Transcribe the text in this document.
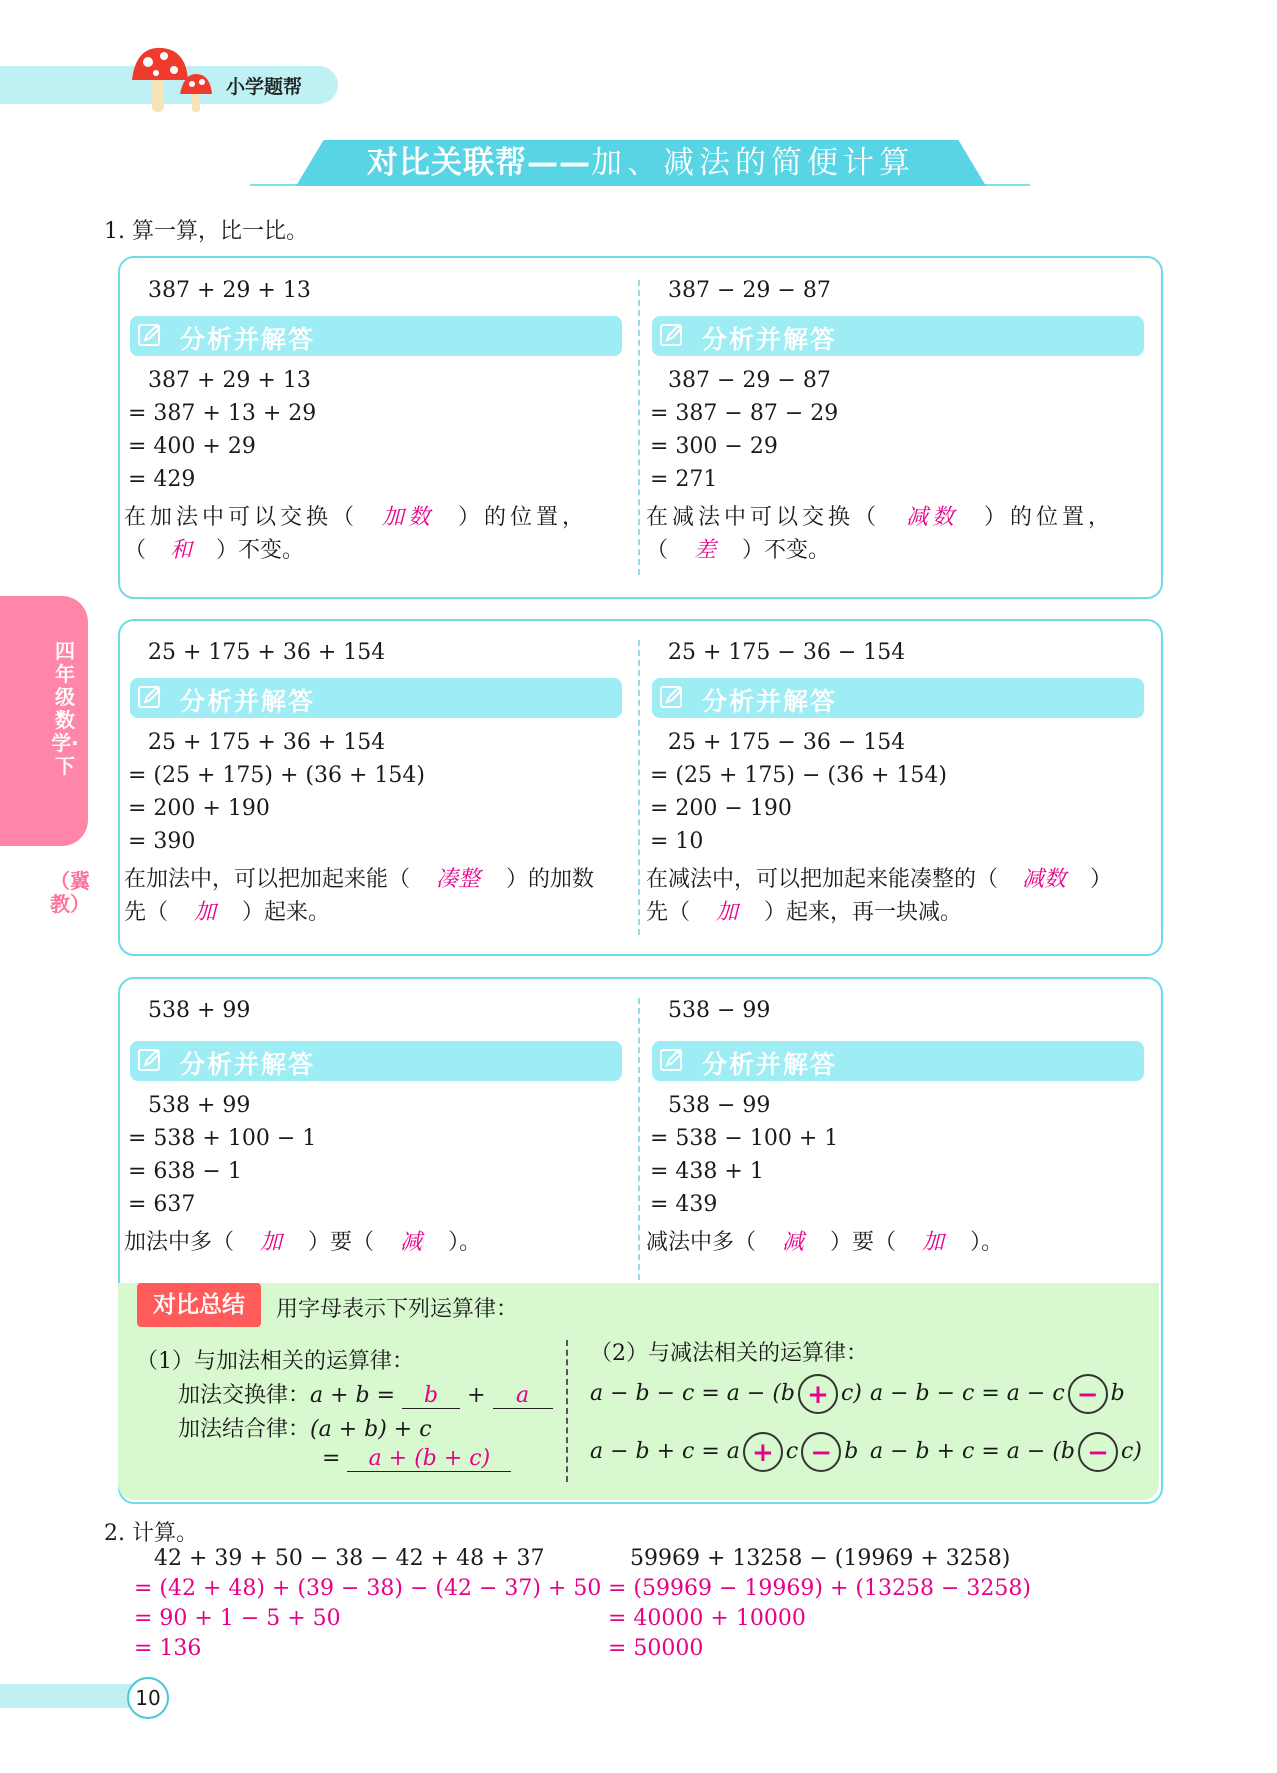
小学题帮
对比关联帮——加、减法的简便计算
四年级数学·下
（冀教）
1. 算一算，比一比。
387 + 29 + 13
分析并解答
387 + 29 + 13
= 387 + 13 + 29
= 400 + 29
= 429
在加法中可以交换（ 加数 ）的位置，
（ 和 ）不变。
387 − 29 − 87
分析并解答
387 − 29 − 87
= 387 − 87 − 29
= 300 − 29
= 271
在减法中可以交换（ 减数 ）的位置，
（ 差 ）不变。
25 + 175 + 36 + 154
分析并解答
25 + 175 + 36 + 154
= (25 + 175) + (36 + 154)
= 200 + 190
= 390
在加法中，可以把加起来能（ 凑整 ）的加数
先（ 加 ）起来。
25 + 175 − 36 − 154
分析并解答
25 + 175 − 36 − 154
= (25 + 175) − (36 + 154)
= 200 − 190
= 10
在减法中，可以把加起来能凑整的（ 减数 ）
先（ 加 ）起来，再一块减。
538 + 99
分析并解答
538 + 99
= 538 + 100 − 1
= 638 − 1
= 637
加法中多（ 加 ）要（ 减 ）。
538 − 99
分析并解答
538 − 99
= 538 − 100 + 1
= 438 + 1
= 439
减法中多（ 减 ）要（ 加 ）。
对比总结	用字母表示下列运算律：
（1）与加法相关的运算律：
加法交换律：a + b = b + a
加法结合律：(a + b) + c
= a + (b + c)
（2）与减法相关的运算律：
a − b − c = a − (b + c) a − b − c = a − c − b
a − b + c = a + c − b a − b + c = a − (b − c)
2. 计算。
42 + 39 + 50 − 38 − 42 + 48 + 37
= (42 + 48) + (39 − 38) − (42 − 37) + 50
= 90 + 1 − 5 + 50
= 136
59969 + 13258 − (19969 + 3258)
= (59969 − 19969) + (13258 − 3258)
= 40000 + 10000
= 50000
10
